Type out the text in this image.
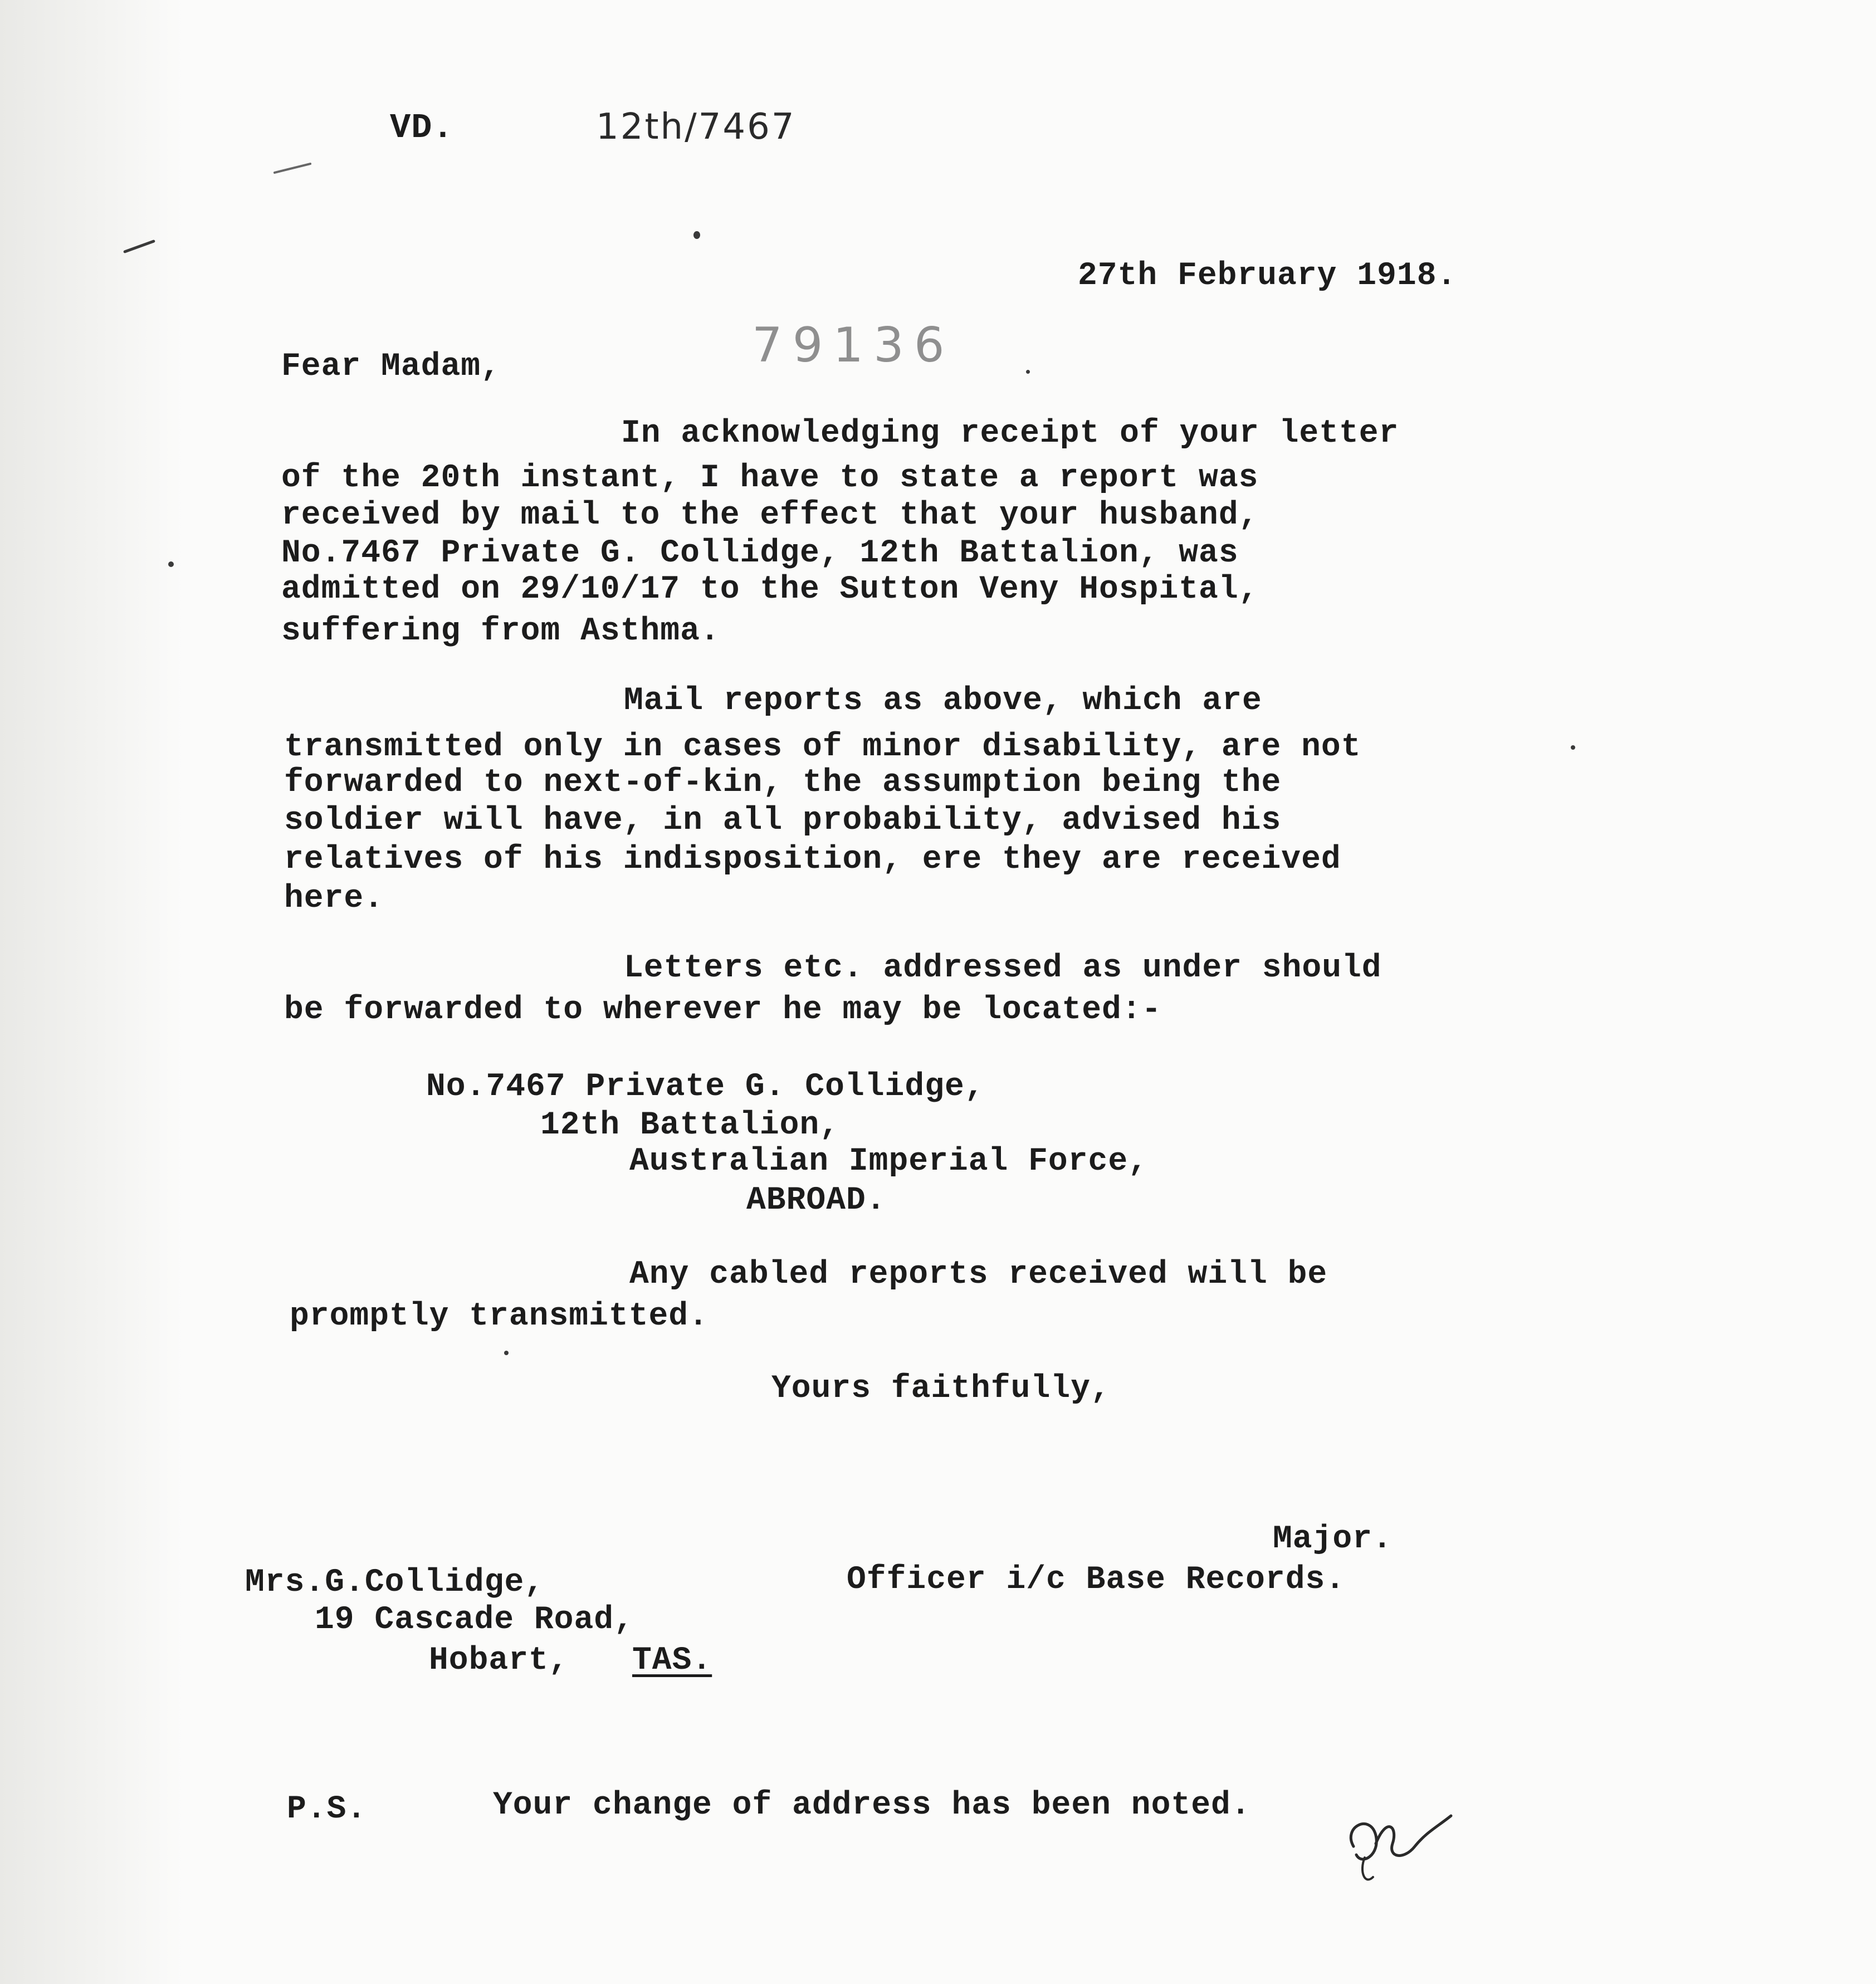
VD.	12th/7467
27th February 1918.
79136
Fear Madam,
In acknowledging receipt of your letter
of the 20th instant, I have to state a report was
received by mail to the effect that your husband,
No.7467 Private G. Collidge, 12th Battalion, was
admitted on 29/10/17 to the Sutton Veny Hospital,
suffering from Asthma.
Mail reports as above, which are
transmitted only in cases of minor disability, are not
forwarded to next-of-kin, the assumption being the
soldier will have, in all probability, advised his
relatives of his indisposition, ere they are received
here.
Letters etc. addressed as under should
be forwarded to wherever he may be located:-
No.7467 Private G. Collidge,
12th Battalion,
Australian Imperial Force,
ABROAD.
Any cabled reports received will be
promptly transmitted.
Yours faithfully,
Major.
Officer i/c Base Records.
Mrs.G.Collidge,
19 Cascade Road,
Hobart, TAS.
P.S.	Your change of address has been noted.
